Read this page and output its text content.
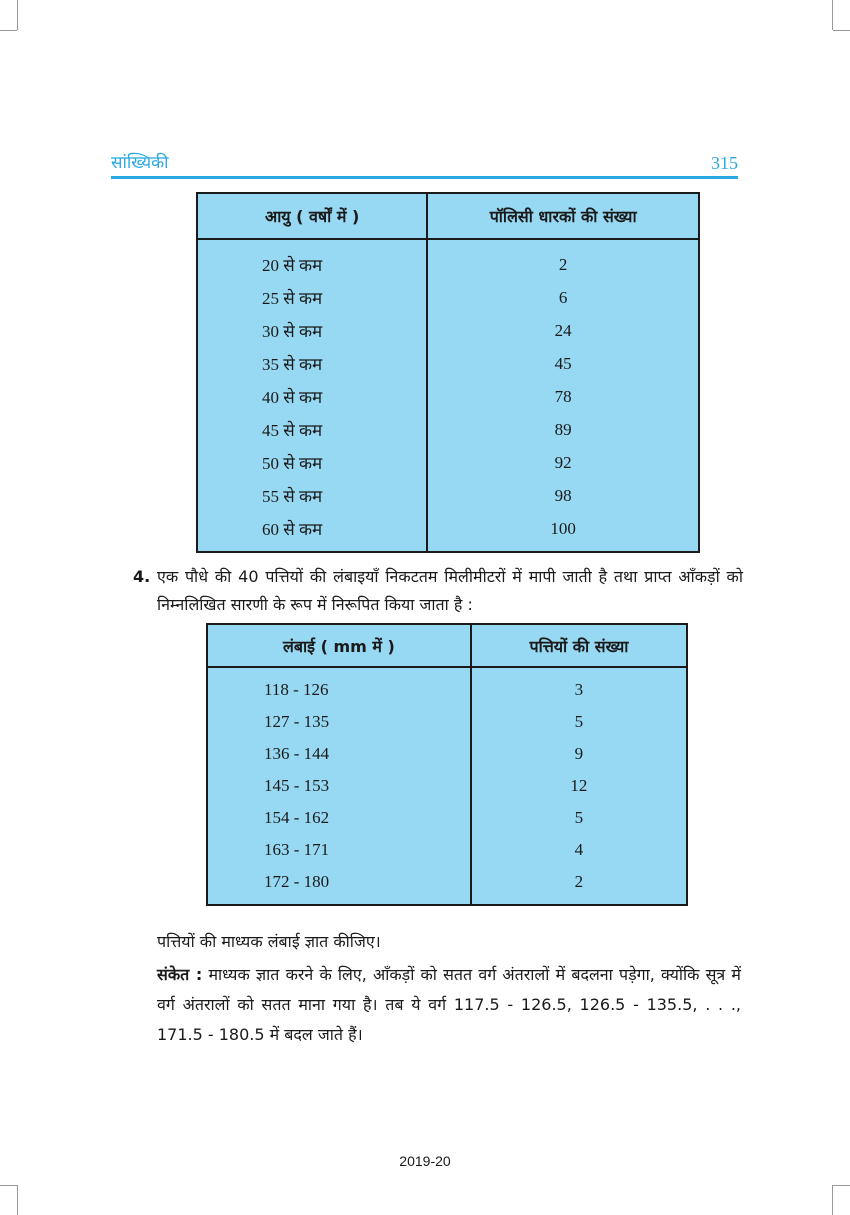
सांख्यिकी	315
आयु ( वर्षों में )	पॉलिसी धारकों की संख्या
20 से कम	2
25 से कम	6
30 से कम	24
35 से कम	45
40 से कम	78
45 से कम	89
50 से कम	92
55 से कम	98
60 से कम	100
4. एक पौधे की 40 पत्तियों की लंबाइयाँ निकटतम मिलीमीटरों में मापी जाती है तथा प्राप्त आँकड़ों को निम्नलिखित सारणी के रूप में निरूपित किया जाता है :
लंबाई ( mm में )	पत्तियों की संख्या
118 - 126	3
127 - 135	5
136 - 144	9
145 - 153	12
154 - 162	5
163 - 171	4
172 - 180	2
पत्तियों की माध्यक लंबाई ज्ञात कीजिए।
संकेत : माध्यक ज्ञात करने के लिए, आँकड़ों को सतत वर्ग अंतरालों में बदलना पड़ेगा, क्योंकि सूत्र में वर्ग अंतरालों को सतत माना गया है। तब ये वर्ग 117.5 - 126.5, 126.5 - 135.5, . . ., 171.5 - 180.5 में बदल जाते हैं।
2019-20
